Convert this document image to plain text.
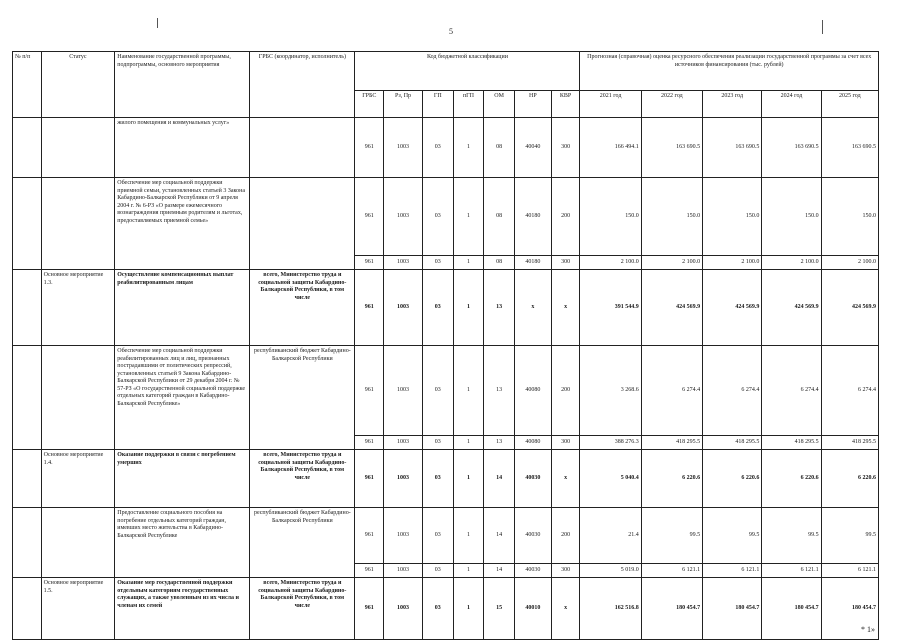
5
№ п/п	Статус	Наименование государственной программы, подпрограммы, основного мероприятия	ГРБС (координатор, исполнитель)	Код бюджетной классификации							Прогнозная (справочная) оценка ресурсного обеспечения реализации государственной программы за счет всех источников финансирования (тыс. рублей)				
				ГРБС	Рз, Пр	ГП	пГП	ОМ	НР	КВР	2021 год	2022 год	2023 год	2024 год	2025 год
		жилого помещения и коммунальных услуг»		961	1003	03	1	08	40040	300	166 494.1	163 690.5	163 690.5	163 690.5	163 690.5
		Обеспечение мер социальной поддержки приемной семьи, установленных статьей 3 Закона Кабардино-Балкарской Республики от 9 апреля 2004 г. № 6-РЗ «О размере ежемесячного вознаграждения приемным родителям и льготах, предоставляемых приемной семье»		961	1003	03	1	08	40180	200	150.0	150.0	150.0	150.0	150.0
				961	1003	03	1	08	40180	300	2 100.0	2 100.0	2 100.0	2 100.0	2 100.0
	Основное мероприятие 1.3.	Осуществление компенсационных выплат реабилитированным лицам	всего, Министерство труда и социальной защиты Кабардино-Балкарской Республики, в том числе	961	1003	03	1	13	x	x	391 544.9	424 569.9	424 569.9	424 569.9	424 569.9
		Обеспечение мер социальной поддержки реабилитированных лиц и лиц, признанных пострадавшими от политических репрессий, установленных статьей 9 Закона Кабардино-Балкарской Республики от 29 декабря 2004 г. № 57-РЗ «О государственной социальной поддержке отдельных категорий граждан в Кабардино-Балкарской Республике»	республиканский бюджет Кабардино-Балкарской Республики	961	1003	03	1	13	40080	200	3 268.6	6 274.4	6 274.4	6 274.4	6 274.4
				961	1003	03	1	13	40080	300	388 276.3	418 295.5	418 295.5	418 295.5	418 295.5
	Основное мероприятие 1.4.	Оказание поддержки в связи с погребением умерших	всего, Министерство труда и социальной защиты Кабардино-Балкарской Республики, в том числе	961	1003	03	1	14	40030	x	5 040.4	6 220.6	6 220.6	6 220.6	6 220.6
		Предоставление социального пособия на погребение отдельных категорий граждан, имевших место жительства в Кабардино-Балкарской Республике	республиканский бюджет Кабардино-Балкарской Республики	961	1003	03	1	14	40030	200	21.4	99.5	99.5	99.5	99.5
				961	1003	03	1	14	40030	300	5 019.0	6 121.1	6 121.1	6 121.1	6 121.1
	Основное мероприятие 1.5.	Оказание мер государственной поддержки отдельным категориям государственных служащих, а также уволенным из их числа и членам их семей	всего, Министерство труда и социальной защиты Кабардино-Балкарской Республики, в том числе	961	1003	03	1	15	40010	x	162 516.8	180 454.7	180 454.7	180 454.7	180 454.7
* 1»
